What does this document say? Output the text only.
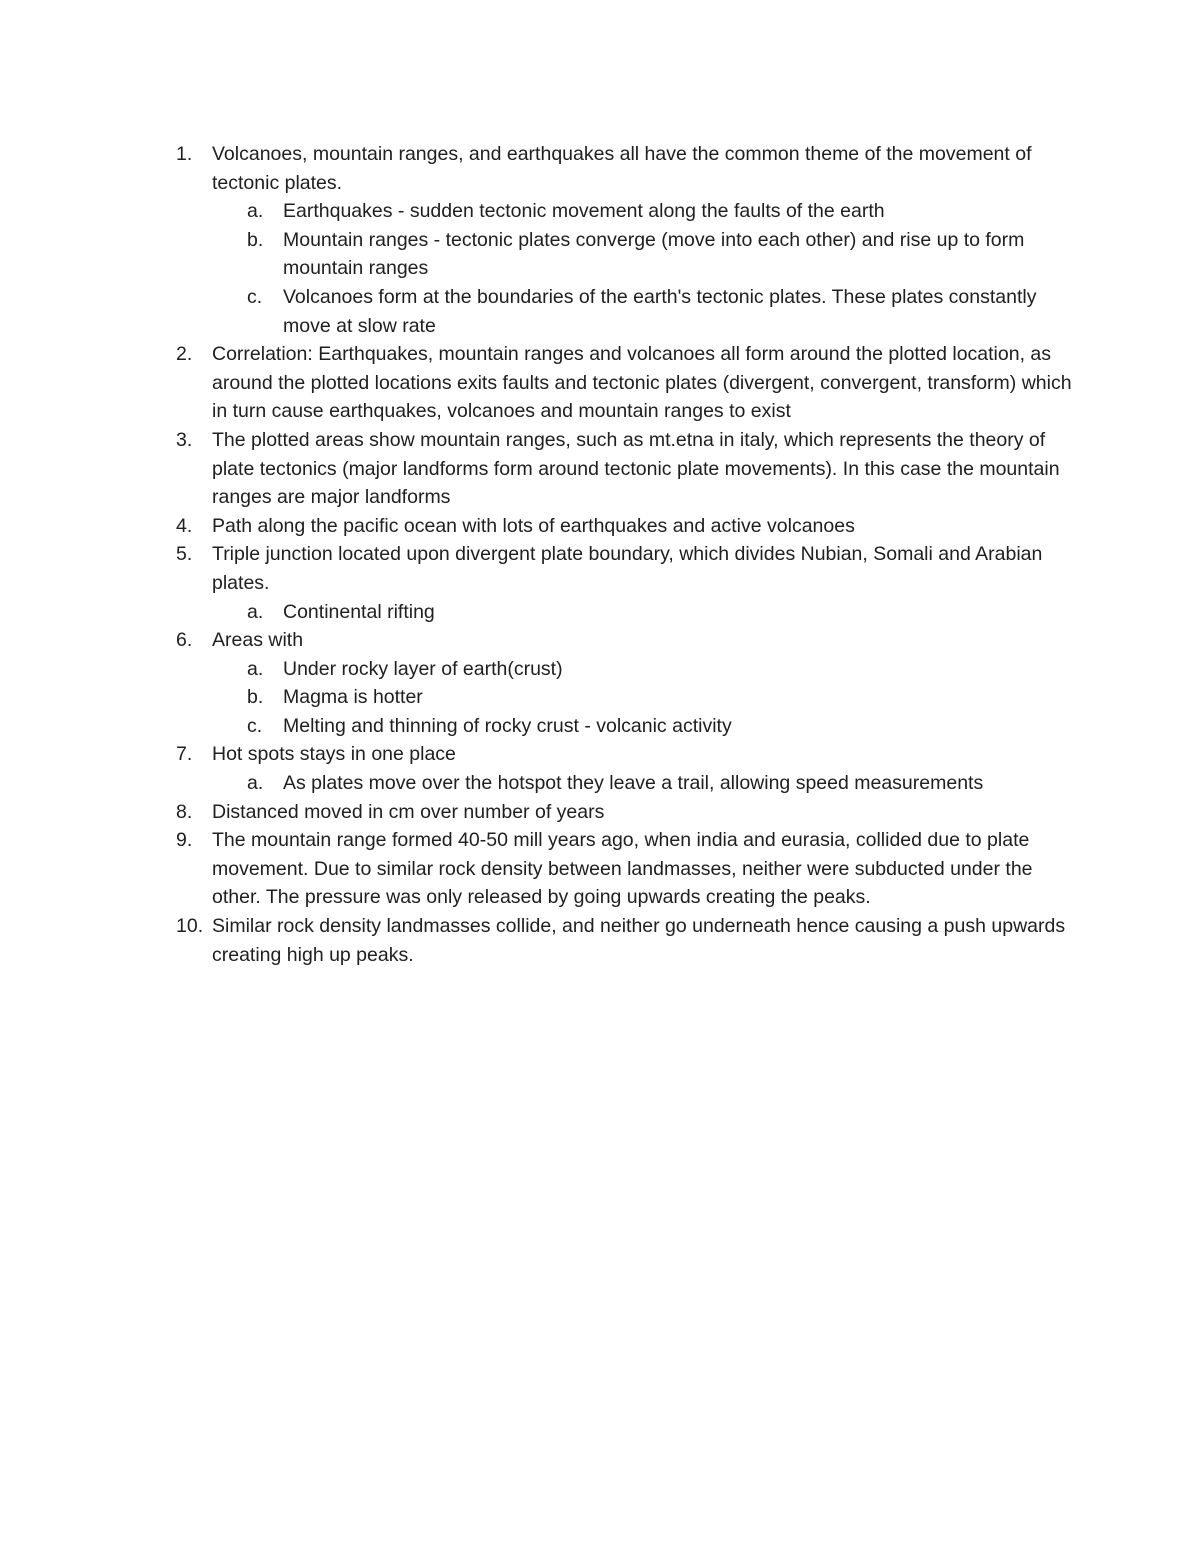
1.	Volcanoes, mountain ranges, and earthquakes all have the common theme of the movement of tectonic plates.
a.	Earthquakes - sudden tectonic movement along the faults of the earth
b.	Mountain ranges - tectonic plates converge (move into each other) and rise up to form mountain ranges
c.	Volcanoes form at the boundaries of the earth's tectonic plates. These plates constantly move at slow rate
2.	Correlation: Earthquakes, mountain ranges and volcanoes all form around the plotted location, as around the plotted locations exits faults and tectonic plates (divergent, convergent, transform) which in turn cause earthquakes, volcanoes and mountain ranges to exist
3.	The plotted areas show mountain ranges, such as mt.etna in italy, which represents the theory of plate tectonics (major landforms form around tectonic plate movements). In this case the mountain ranges are major landforms
4.	Path along the pacific ocean with lots of earthquakes and active volcanoes
5.	Triple junction located upon divergent plate boundary, which divides Nubian, Somali and Arabian plates.
a.	Continental rifting
6.	Areas with
a.	Under rocky layer of earth(crust)
b.	Magma is hotter
c.	Melting and thinning of rocky crust - volcanic activity
7.	Hot spots stays in one place
a.	As plates move over the hotspot they leave a trail, allowing speed measurements
8.	Distanced moved in cm over number of years
9.	The mountain range formed 40-50 mill years ago, when india and eurasia, collided due to plate movement. Due to similar rock density between landmasses, neither were subducted under the other. The pressure was only released by going upwards creating the peaks.
10. Similar rock density landmasses collide, and neither go underneath hence causing a push upwards creating high up peaks.
